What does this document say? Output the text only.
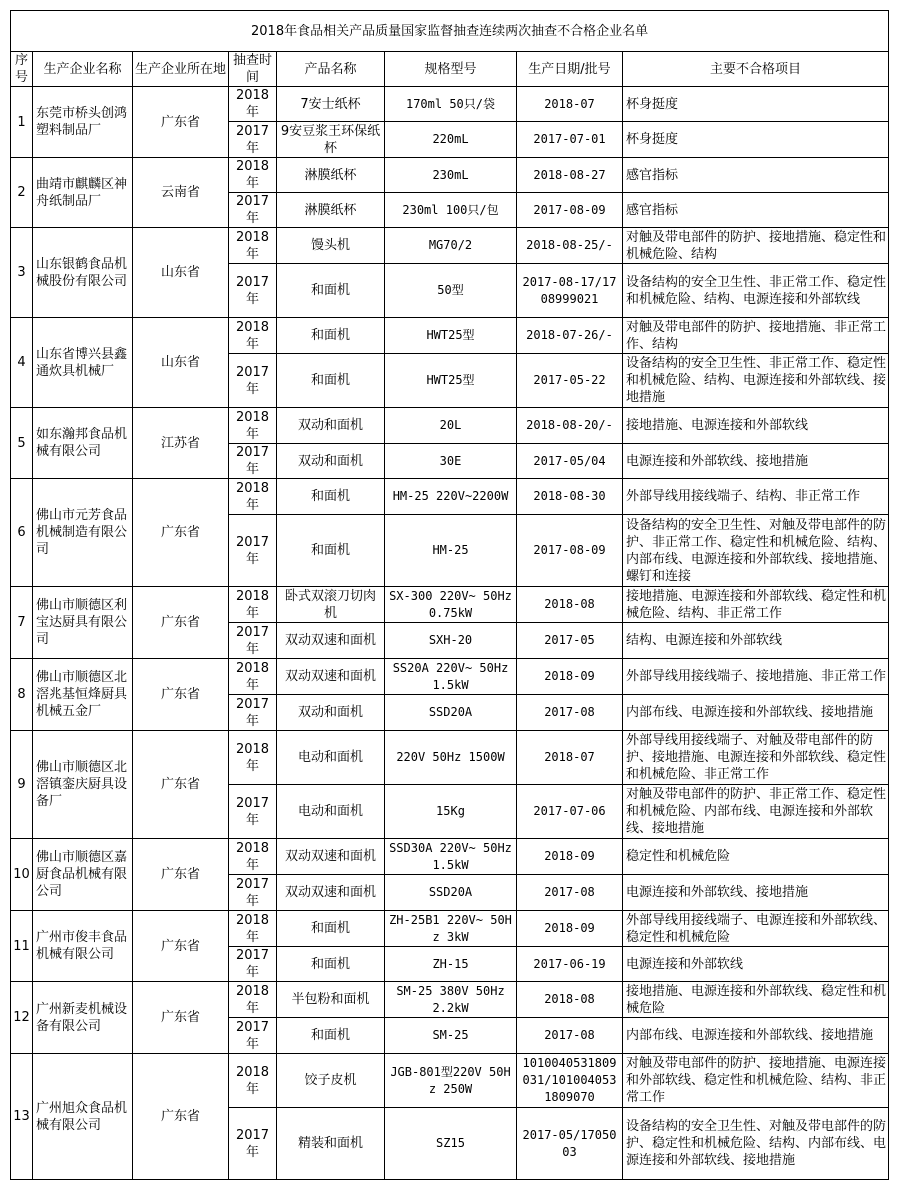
2018年食品相关产品质量国家监督抽查连续两次抽查不合格企业名单							
序号	生产企业名称	生产企业所在地	抽查时间	产品名称	规格型号	生产日期/批号	主要不合格项目
1	东莞市桥头创鸿塑料制品厂	广东省	2018年	7安士纸杯	170ml 50只/袋	2018-07	杯身挺度
			2017年	9安豆浆王环保纸杯	220mL	2017-07-01	杯身挺度
2	曲靖市麒麟区神舟纸制品厂	云南省	2018年	淋膜纸杯	230mL	2018-08-27	感官指标
			2017年	淋膜纸杯	230ml 100只/包	2017-08-09	感官指标
3	山东银鹤食品机械股份有限公司	山东省	2018年	馒头机	MG70/2	2018-08-25/-	对触及带电部件的防护、接地措施、稳定性和机械危险、结构
			2017年	和面机	50型	2017-08-17/1708999021	设备结构的安全卫生性、非正常工作、稳定性和机械危险、结构、电源连接和外部软线
4	山东省博兴县鑫通炊具机械厂	山东省	2018年	和面机	HWT25型	2018-07-26/-	对触及带电部件的防护、接地措施、非正常工作、结构
			2017年	和面机	HWT25型	2017-05-22	设备结构的安全卫生性、非正常工作、稳定性和机械危险、结构、电源连接和外部软线、接地措施
5	如东瀚邦食品机械有限公司	江苏省	2018年	双动和面机	20L	2018-08-20/-	接地措施、电源连接和外部软线
			2017年	双动和面机	30E	2017-05/04	电源连接和外部软线、接地措施
6	佛山市元芳食品机械制造有限公司	广东省	2018年	和面机	HM-25 220V~2200W	2018-08-30	外部导线用接线端子、结构、非正常工作
			2017年	和面机	HM-25	2017-08-09	设备结构的安全卫生性、对触及带电部件的防护、非正常工作、稳定性和机械危险、结构、内部布线、电源连接和外部软线、接地措施、螺钉和连接
7	佛山市顺德区利宝达厨具有限公司	广东省	2018年	卧式双滚刀切肉机	SX-300 220V~ 50Hz 0.75kW	2018-08	接地措施、电源连接和外部软线、稳定性和机械危险、结构、非正常工作
			2017年	双动双速和面机	SXH-20	2017-05	结构、电源连接和外部软线
8	佛山市顺德区北滘兆基恒烽厨具机械五金厂	广东省	2018年	双动双速和面机	SS20A 220V~ 50Hz 1.5kW	2018-09	外部导线用接线端子、接地措施、非正常工作
			2017年	双动和面机	SSD20A	2017-08	内部布线、电源连接和外部软线、接地措施
9	佛山市顺德区北滘镇銮庆厨具设备厂	广东省	2018年	电动和面机	220V 50Hz 1500W	2018-07	外部导线用接线端子、对触及带电部件的防护、接地措施、电源连接和外部软线、稳定性和机械危险、非正常工作
			2017年	电动和面机	15Kg	2017-07-06	对触及带电部件的防护、非正常工作、稳定性和机械危险、内部布线、电源连接和外部软线、接地措施
10	佛山市顺德区嘉厨食品机械有限公司	广东省	2018年	双动双速和面机	SSD30A 220V~ 50Hz 1.5kW	2018-09	稳定性和机械危险
			2017年	双动双速和面机	SSD20A	2017-08	电源连接和外部软线、接地措施
11	广州市俊丰食品机械有限公司	广东省	2018年	和面机	ZH-25B1 220V~ 50Hz 3kW	2018-09	外部导线用接线端子、电源连接和外部软线、稳定性和机械危险
			2017年	和面机	ZH-15	2017-06-19	电源连接和外部软线
12	广州新麦机械设备有限公司	广东省	2018年	半包粉和面机	SM-25 380V 50Hz 2.2kW	2018-08	接地措施、电源连接和外部软线、稳定性和机械危险
			2017年	和面机	SM-25	2017-08	内部布线、电源连接和外部软线、接地措施
13	广州旭众食品机械有限公司	广东省	2018年	饺子皮机	JGB-801型220V 50Hz 250W	1010040531809031/1010040531809070	对触及带电部件的防护、接地措施、电源连接和外部软线、稳定性和机械危险、结构、非正常工作
			2017年	精装和面机	SZ15	2017-05/1705003	设备结构的安全卫生性、对触及带电部件的防护、稳定性和机械危险、结构、内部布线、电源连接和外部软线、接地措施
